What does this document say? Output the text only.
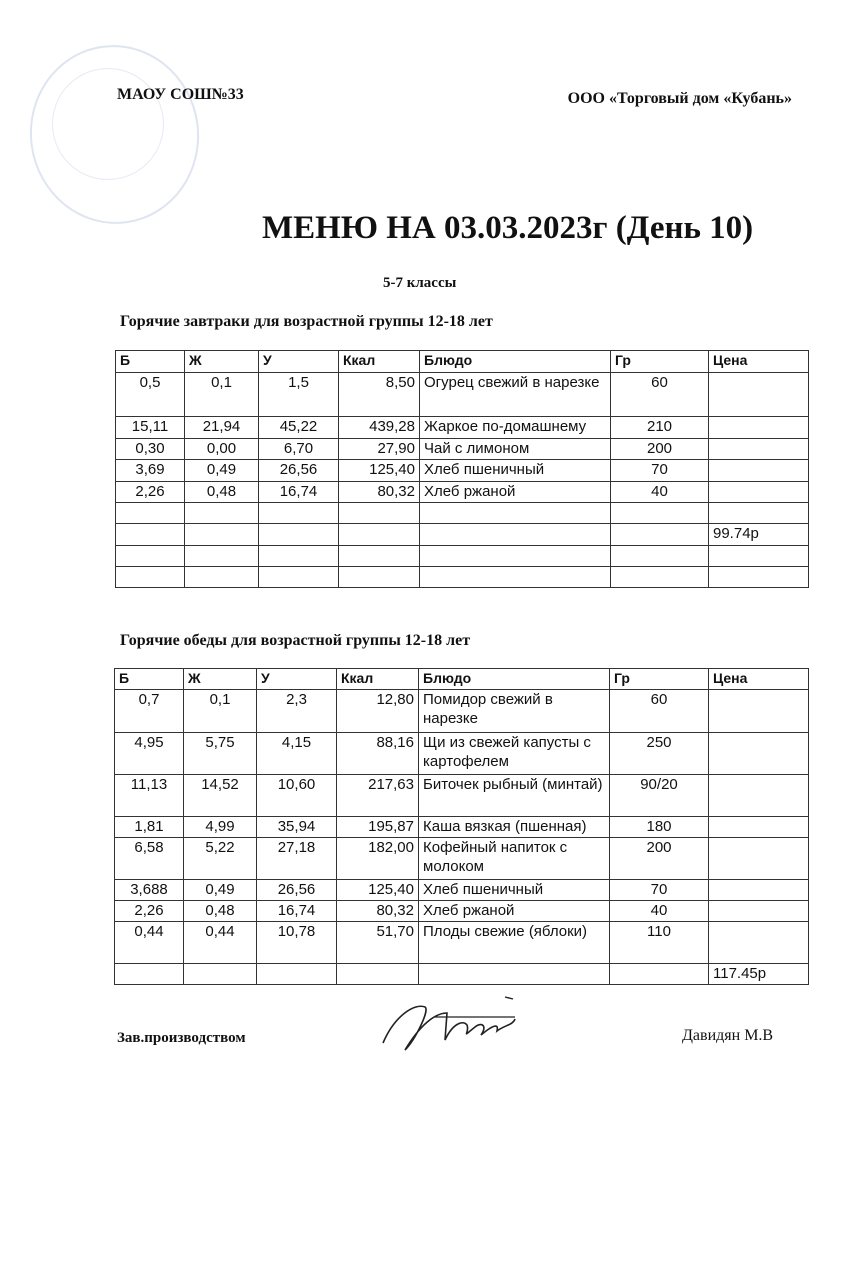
МАОУ СОШ№33	ООО «Торговый дом «Кубань»
МЕНЮ НА 03.03.2023г (День 10)
5-7 классы
Горячие завтраки для возрастной группы 12-18 лет
Б	Ж	У	Ккал	Блюдо	Гр	Цена
0,5	0,1	1,5	8,50	Огурец свежий в нарезке	60	
15,11	21,94	45,22	439,28	Жаркое по-домашнему	210	
0,30	0,00	6,70	27,90	Чай с лимоном	200	
3,69	0,49	26,56	125,40	Хлеб пшеничный	70	
2,26	0,48	16,74	80,32	Хлеб ржаной	40	

						99.74р

Горячие обеды для возрастной группы 12-18 лет
Б	Ж	У	Ккал	Блюдо	Гр	Цена
0,7	0,1	2,3	12,80	Помидор свежий в нарезке	60	
4,95	5,75	4,15	88,16	Щи из свежей капусты с картофелем	250	
11,13	14,52	10,60	217,63	Биточек рыбный (минтай)	90/20	
1,81	4,99	35,94	195,87	Каша вязкая (пшенная)	180	
6,58	5,22	27,18	182,00	Кофейный напиток с молоком	200	
3,688	0,49	26,56	125,40	Хлеб пшеничный	70	
2,26	0,48	16,74	80,32	Хлеб ржаной	40	
0,44	0,44	10,78	51,70	Плоды свежие (яблоки)	110	
						117.45р
Зав.производством	Давидян М.В
